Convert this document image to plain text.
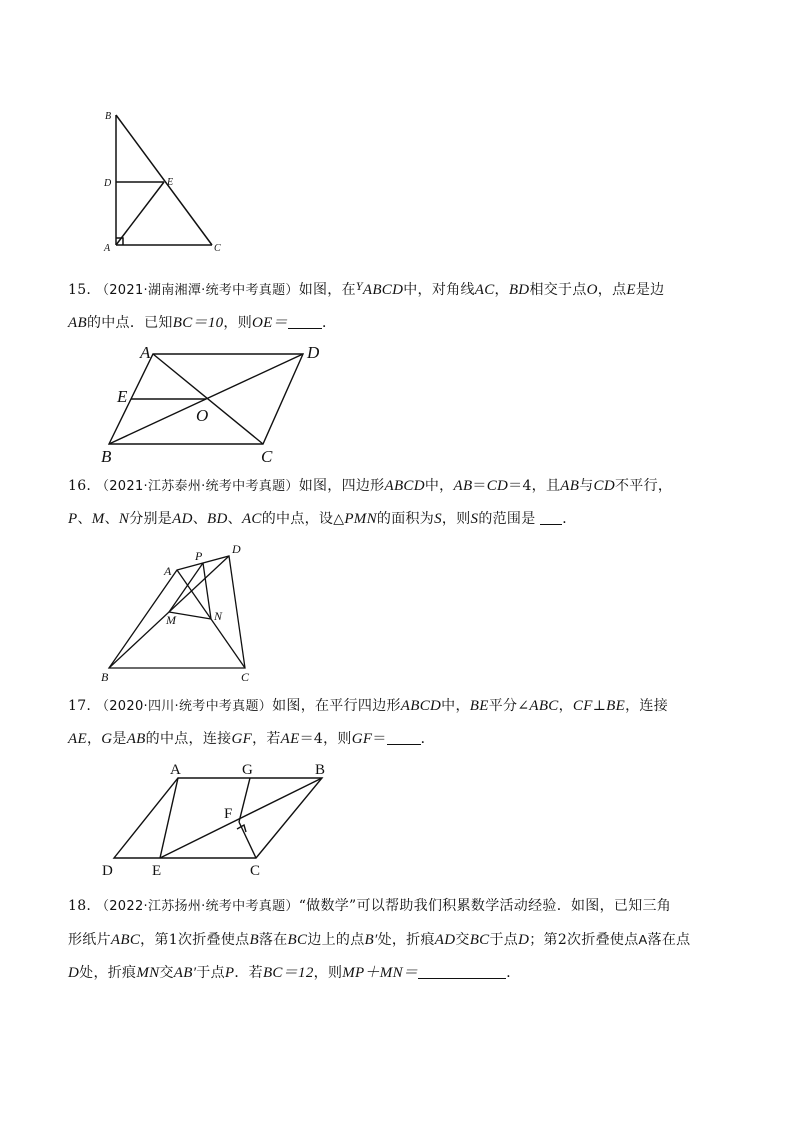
B
D	E
A	C
15. （2021·湖南湘潭·统考中考真题）如图，在YABCD中，对角线AC，BD相交于点O，点E是边
AB的中点．已知BC＝10，则OE＝ ．
A	D
E
O
B	C
16. （2021·江苏泰州·统考中考真题）如图，四边形ABCD中，AB＝CD＝4，且AB与CD不平行，
P、M、N分别是AD、BD、AC的中点，设△PMN的面积为S，则S的范围是 ．
A
P D
M	N
B	C
17. （2020·四川·统考中考真题）如图，在平行四边形ABCD中，BE平分∠ABC，CF⊥BE，连接
AE，G是AB的中点，连接GF，若AE＝4，则GF＝ ．
A	G	B
F
D	E	C
18. （2022·江苏扬州·统考中考真题）“做数学”可以帮助我们积累数学活动经验．如图，已知三角
形纸片ABC，第1次折叠使点B落在BC边上的点B′处，折痕AD交BC于点D；第2次折叠使点A落在点
D处，折痕MN交AB′于点P．若BC＝12，则MP＋MN＝	．
